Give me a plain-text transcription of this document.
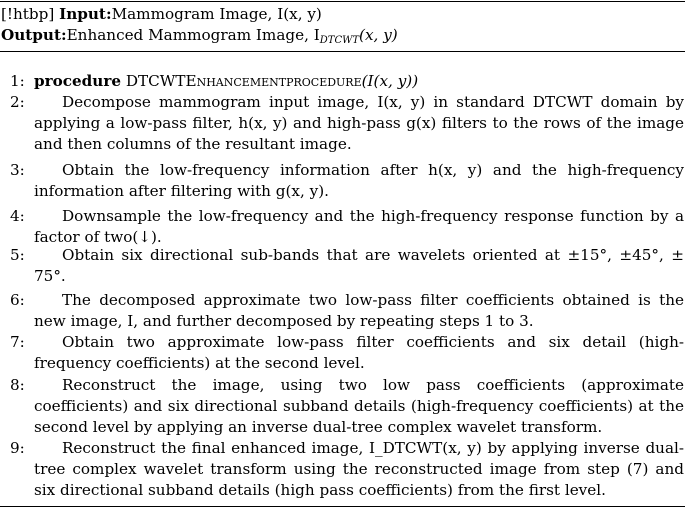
[!htbp] Input:Mammogram Image, I(x, y)
Output:Enhanced Mammogram Image, $I_{DTCWT}(x$, y)
1: procedure DTCWTEnhancementprocedure(I(x, y))
2:	Decompose mammogram input image, I(x, y) in standard DTCWT domain by applying a low-pass filter, h(x, y) and high-pass g(x) filters to the rows of the image and then columns of the resultant image.
3:	Obtain the low-frequency information after h(x, y) and the high-frequency information after filtering with g(x, y).
4:	Downsample the low-frequency and the high-frequency response function by a factor of two(↓).
5:	Obtain six directional sub-bands that are wavelets oriented at ±15°, ±45°, ± 75°.
6:	The decomposed approximate two low-pass filter coefficients obtained is the new image, I, and further decomposed by repeating steps 1 to 3.
7:	Obtain two approximate low-pass filter coefficients and six detail (high-frequency coefficients) at the second level.
8:	Reconstruct the image, using two low pass coefficients (approximate coefficients) and six directional subband details (high-frequency coefficients) at the second level by applying an inverse dual-tree complex wavelet transform.
9:	Reconstruct the final enhanced image, I_DTCWT(x, y) by applying inverse dual-tree complex wavelet transform using the reconstructed image from step (7) and six directional subband details (high pass coefficients) from the first level.
